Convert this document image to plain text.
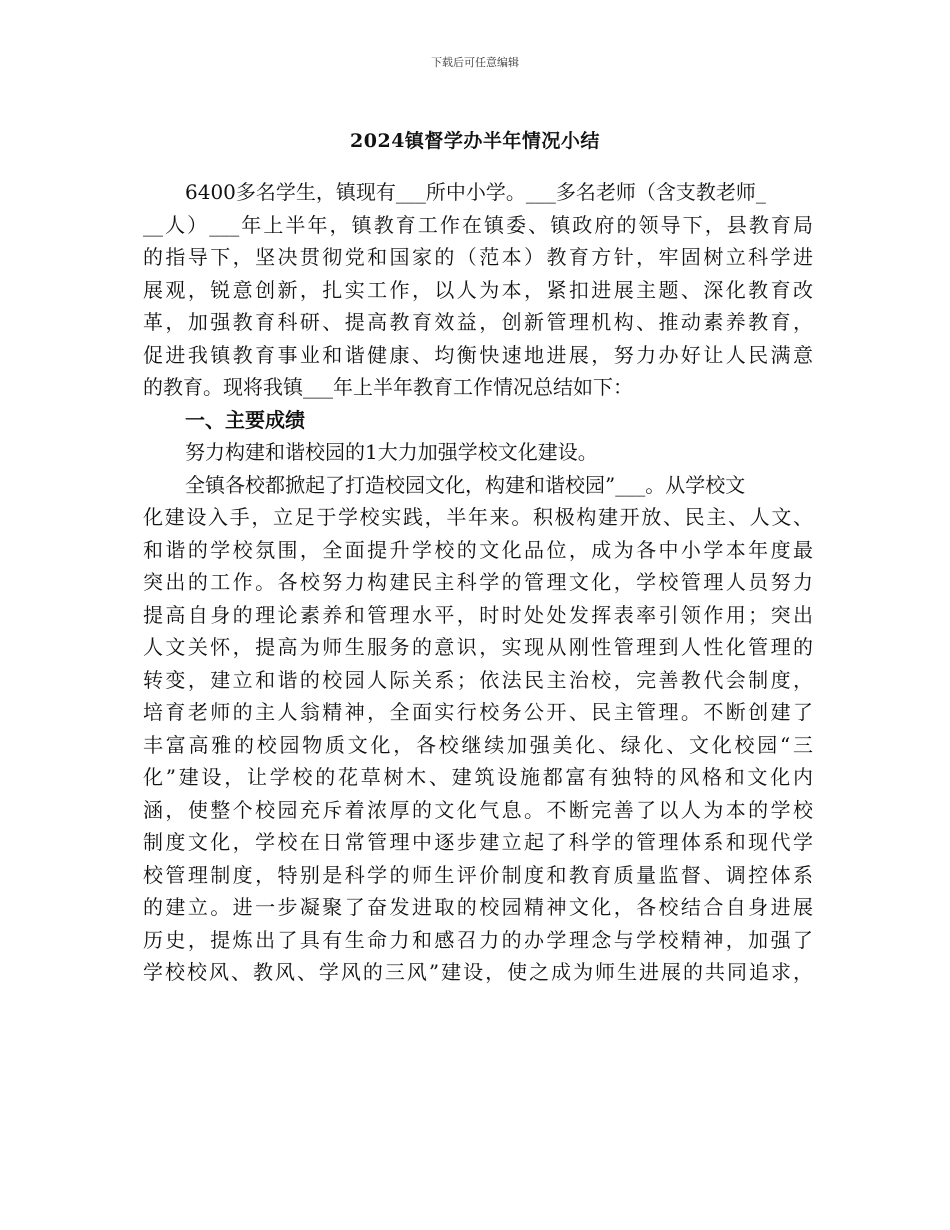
下载后可任意编辑
2024镇督学办半年情况小结
6400多名学生，镇现有___所中小学。___多名老师（含支教老师_
__人）___年上半年，镇教育工作在镇委、镇政府的领导下，县教育局
的指导下，坚决贯彻党和国家的（范本）教育方针，牢固树立科学进
展观，锐意创新，扎实工作，以人为本，紧扣进展主题、深化教育改
革，加强教育科研、提高教育效益，创新管理机构、推动素养教育，
促进我镇教育事业和谐健康、均衡快速地进展，努力办好让人民满意
的教育。现将我镇___年上半年教育工作情况总结如下：
一、主要成绩
努力构建和谐校园的1大力加强学校文化建设。
全镇各校都掀起了打造校园文化，构建和谐校园”___。从学校文
化建设入手，立足于学校实践，半年来。积极构建开放、民主、人文、
和谐的学校氛围，全面提升学校的文化品位，成为各中小学本年度最
突出的工作。各校努力构建民主科学的管理文化，学校管理人员努力
提高自身的理论素养和管理水平，时时处处发挥表率引领作用；突出
人文关怀，提高为师生服务的意识，实现从刚性管理到人性化管理的
转变，建立和谐的校园人际关系；依法民主治校，完善教代会制度，
培育老师的主人翁精神，全面实行校务公开、民主管理。不断创建了
丰富高雅的校园物质文化，各校继续加强美化、绿化、文化校园“三
化”建设，让学校的花草树木、建筑设施都富有独特的风格和文化内
涵，使整个校园充斥着浓厚的文化气息。不断完善了以人为本的学校
制度文化，学校在日常管理中逐步建立起了科学的管理体系和现代学
校管理制度，特别是科学的师生评价制度和教育质量监督、调控体系
的建立。进一步凝聚了奋发进取的校园精神文化，各校结合自身进展
历史，提炼出了具有生命力和感召力的办学理念与学校精神，加强了
学校校风、教风、学风的三风”建设，使之成为师生进展的共同追求，
